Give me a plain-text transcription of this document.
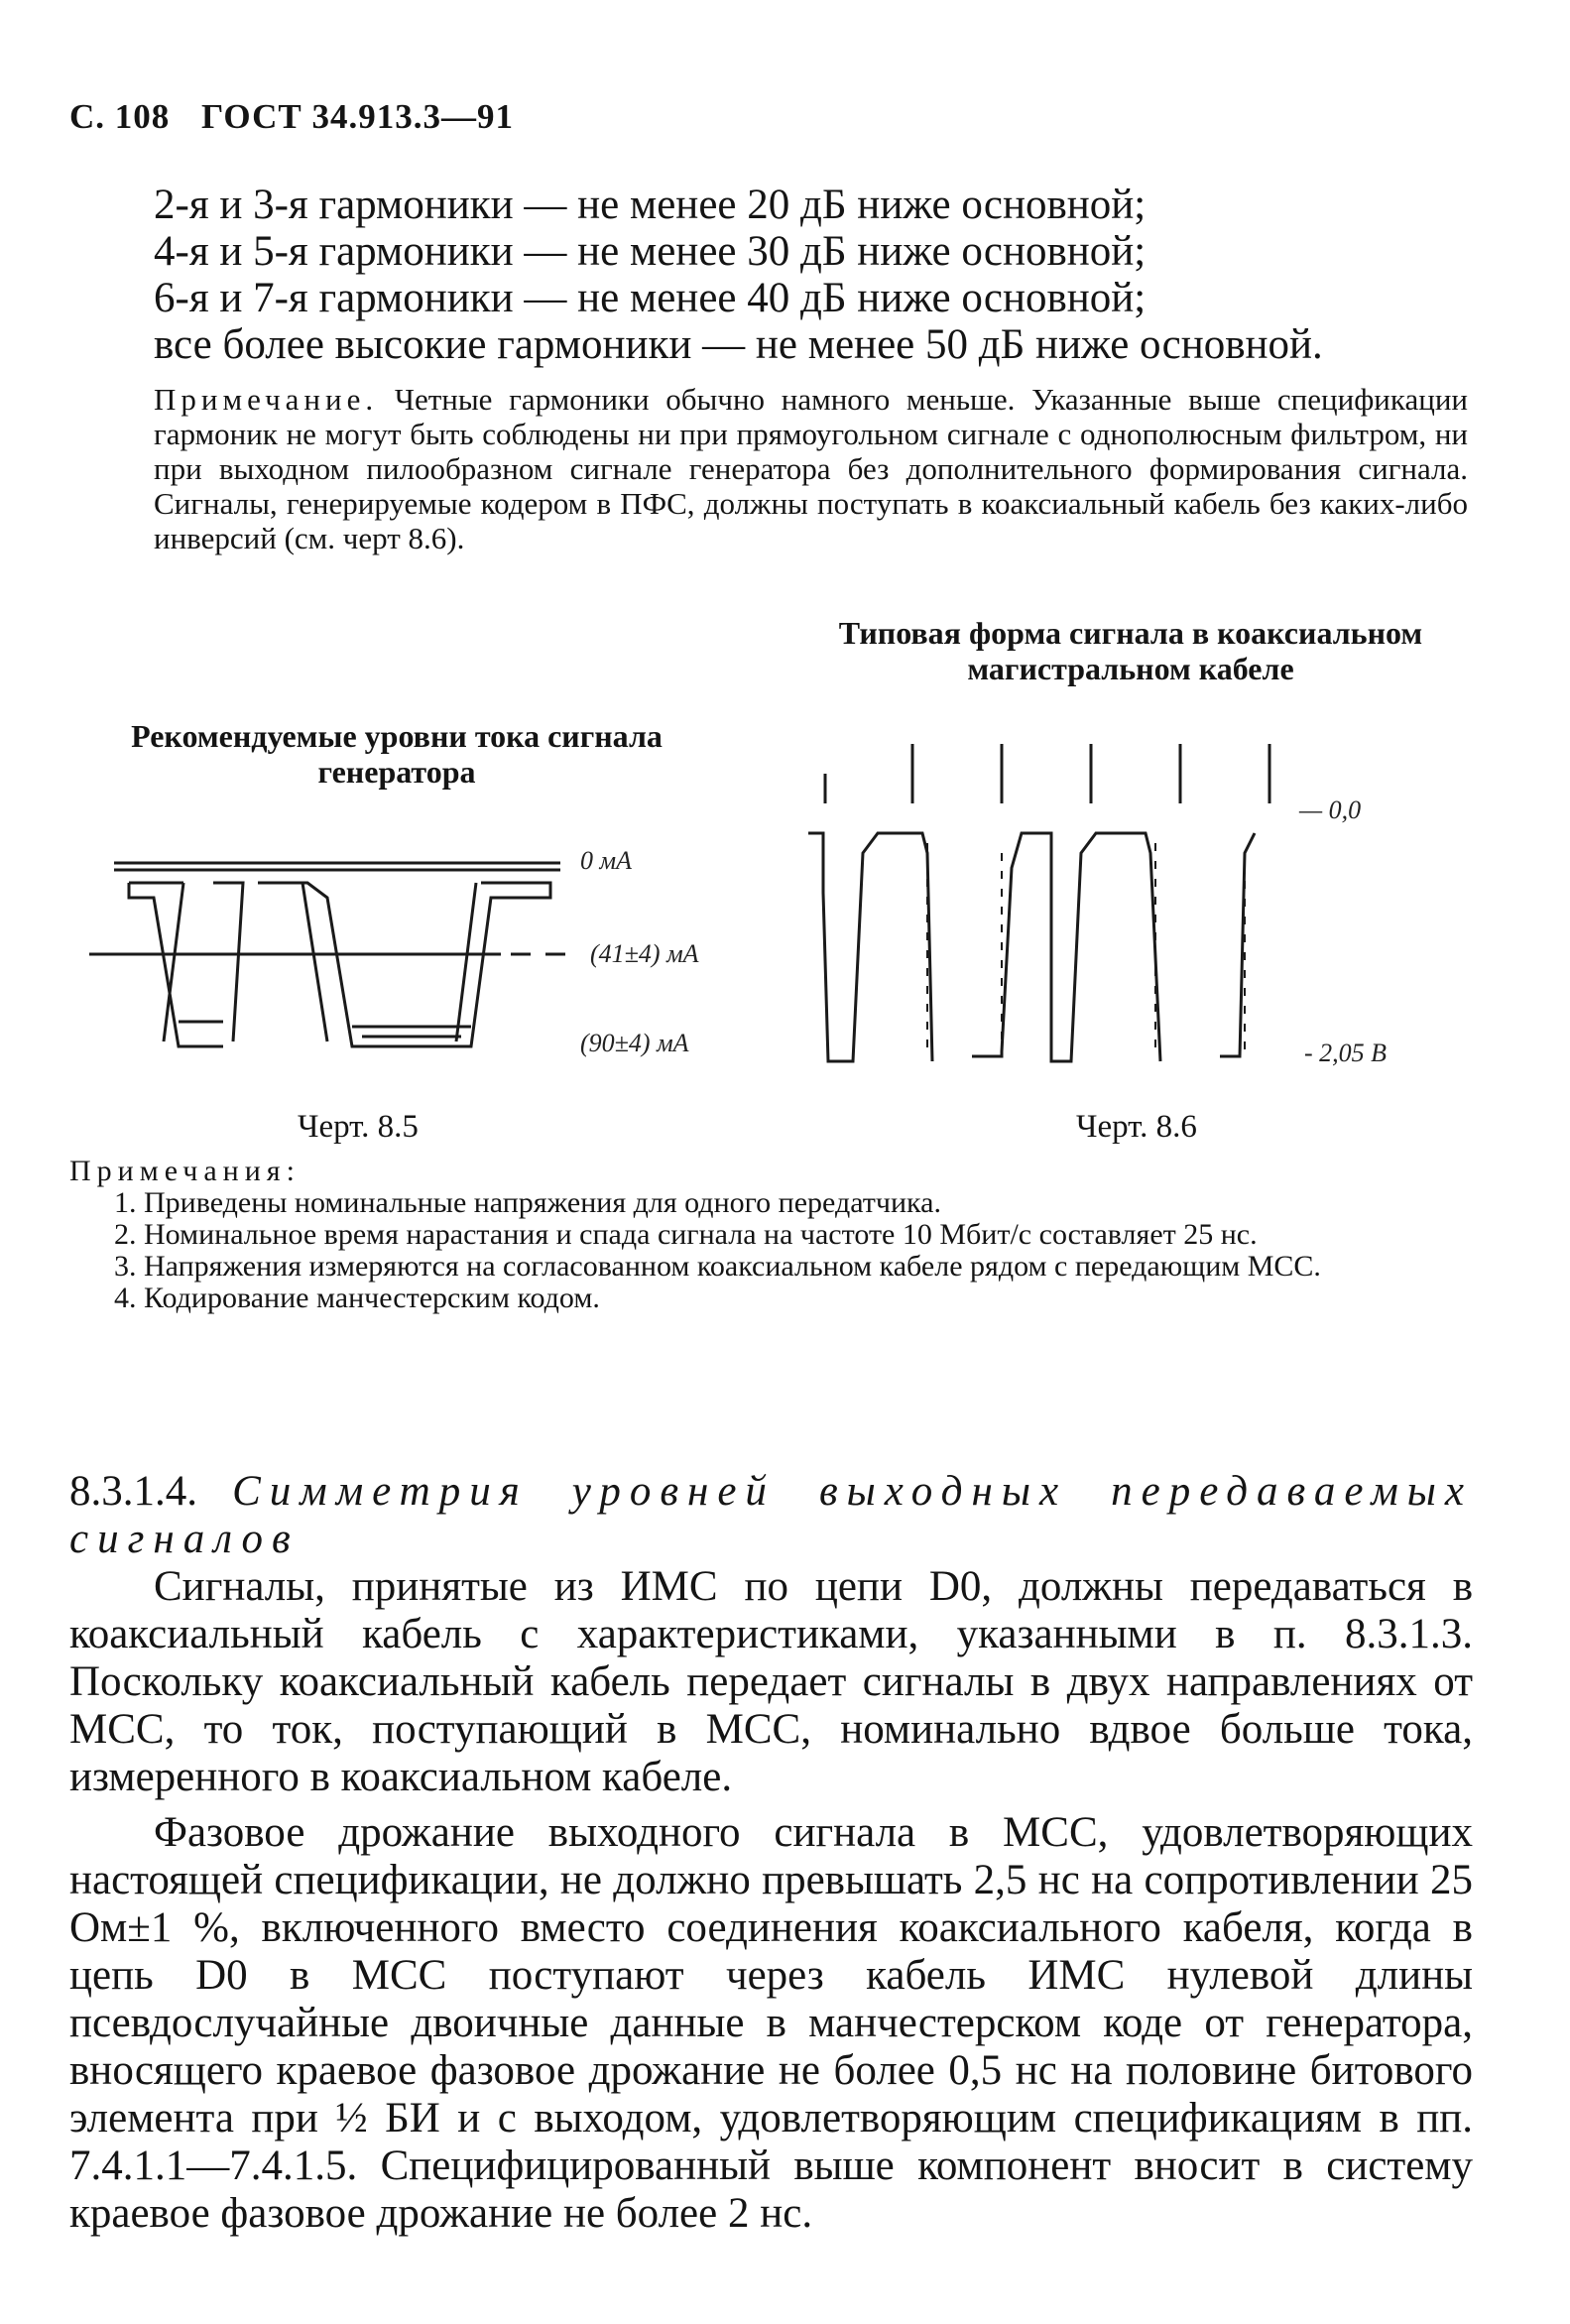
С. 108 ГОСТ 34.913.3—91
2-я и 3-я гармоники — не менее 20 дБ ниже основной;
4-я и 5-я гармоники — не менее 30 дБ ниже основной;
6-я и 7-я гармоники — не менее 40 дБ ниже основной;
все более высокие гармоники — не менее 50 дБ ниже основной.
Примечание. Четные гармоники обычно намного меньше. Указанные выше спецификации гармоник не могут быть соблюдены ни при прямоугольном сигнале с однополюсным фильтром, ни при выходном пилообразном сигнале генератора без дополнительного формирования сигнала. Сигналы, генерируемые кодером в ПФС, должны поступать в коаксиальный кабель без каких-либо инверсий (см. черт 8.6).
Рекомендуемые уровни тока сигнала генератора
0 мА
(41±4) мА
(90±4) мА
Черт. 8.5
Типовая форма сигнала в коаксиальном магистральном кабеле
— 0,0
- 2,05 В
Черт. 8.6
Примечания:
1. Приведены номинальные напряжения для одного передатчика.
2. Номинальное время нарастания и спада сигнала на частоте 10 Мбит/с составляет 25 нс.
3. Напряжения измеряются на согласованном коаксиальном кабеле рядом с передающим МСС.
4. Кодирование манчестерским кодом.

8.3.1.4. Симметрия уровней выходных передаваемых сигналов

Сигналы, принятые из ИМС по цепи D0, должны передаваться в коаксиальный кабель с характеристиками, указанными в п. 8.3.1.3. Поскольку коаксиальный кабель передает сигналы в двух направлениях от МСС, то ток, поступающий в МСС, номинально вдвое больше тока, измеренного в коаксиальном кабеле.

Фазовое дрожание выходного сигнала в МСС, удовлетворяющих настоящей спецификации, не должно превышать 2,5 нс на сопротивлении 25 Ом±1 %, включенного вместо соединения коаксиального кабеля, когда в цепь D0 в МСС поступают через кабель ИМС нулевой длины псевдослучайные двоичные данные в манчестерском коде от генератора, вносящего краевое фазовое дрожание не более 0,5 нс на половине битового элемента при ½ БИ и с выходом, удовлетворяющим спецификациям в пп. 7.4.1.1—7.4.1.5. Специфицированный выше компонент вносит в систему краевое фазовое дрожание не более 2 нс.
